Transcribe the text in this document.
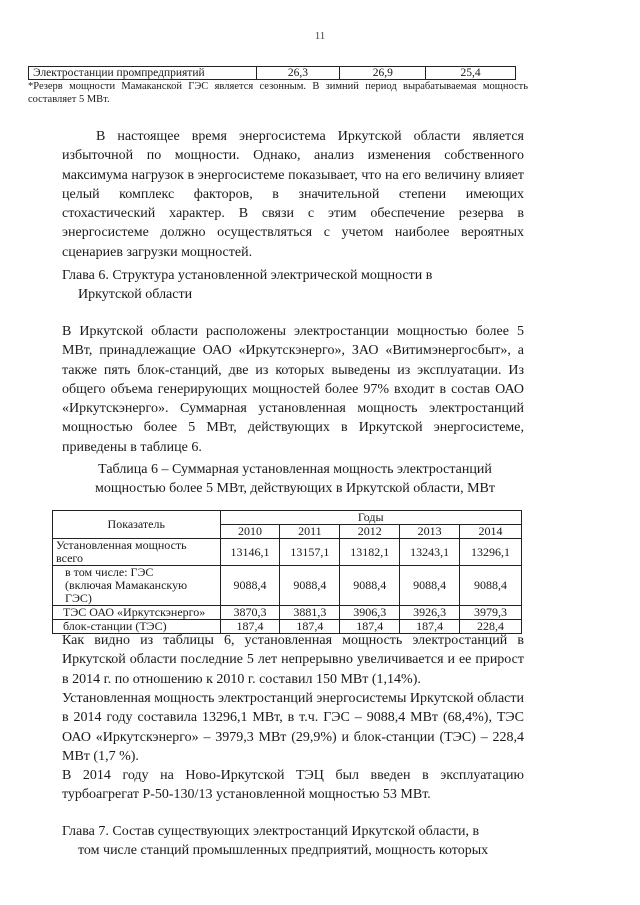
11
Электростанции промпредприятий	26,3	26,9	25,4
*Резерв мощности Мамаканской ГЭС является сезонным. В зимний период вырабатываемая мощность составляет 5 МВт.
В настоящее время энергосистема Иркутской области является избыточной по мощности. Однако, анализ изменения собственного максимума нагрузок в энергосистеме показывает, что на его величину влияет целый комплекс факторов, в значительной степени имеющих стохастический характер. В связи с этим обеспечение резерва в энергосистеме должно осуществляться с учетом наиболее вероятных сценариев загрузки мощностей.
Глава 6. Структура установленной электрической мощности в
Иркутской области
В Иркутской области расположены электростанции мощностью более 5 МВт, принадлежащие ОАО «Иркутскэнерго», ЗАО «Витимэнергосбыт», а также пять блок-станций, две из которых выведены из эксплуатации. Из общего объема генерирующих мощностей более 97% входит в состав ОАО «Иркутскэнерго». Суммарная установленная мощность электростанций мощностью более 5 МВт, действующих в Иркутской энергосистеме, приведены в таблице 6.
Таблица 6 – Суммарная установленная мощность электростанций
мощностью более 5 МВт, действующих в Иркутской области, МВт
Показатель	Годы				
	2010	2011	2012	2013	2014
Установленная мощность всего	13146,1	13157,1	13182,1	13243,1	13296,1

в том числе: ГЭС
(включая Мамаканскую ГЭС)	9088,4	9088,4	9088,4	9088,4	9088,4
ТЭС ОАО «Иркутскэнерго»	3870,3	3881,3	3906,3	3926,3	3979,3
блок-станции (ТЭС)	187,4	187,4	187,4	187,4	228,4
Как видно из таблицы 6, установленная мощность электростанций в Иркутской области последние 5 лет непрерывно увеличивается и ее прирост в 2014 г. по отношению к 2010 г. составил 150 МВт (1,14%).
Установленная мощность электростанций энергосистемы Иркутской области в 2014 году составила 13296,1 МВт, в т.ч. ГЭС – 9088,4 МВт (68,4%), ТЭС ОАО «Иркутскэнерго» – 3979,3 МВт (29,9%) и блок-станции (ТЭС) – 228,4 МВт (1,7 %).
В 2014 году на Ново-Иркутской ТЭЦ был введен в эксплуатацию турбоагрегат Р-50-130/13 установленной мощностью 53 МВт.
Глава 7. Состав существующих электростанций Иркутской области, в
том числе станций промышленных предприятий, мощность которых
